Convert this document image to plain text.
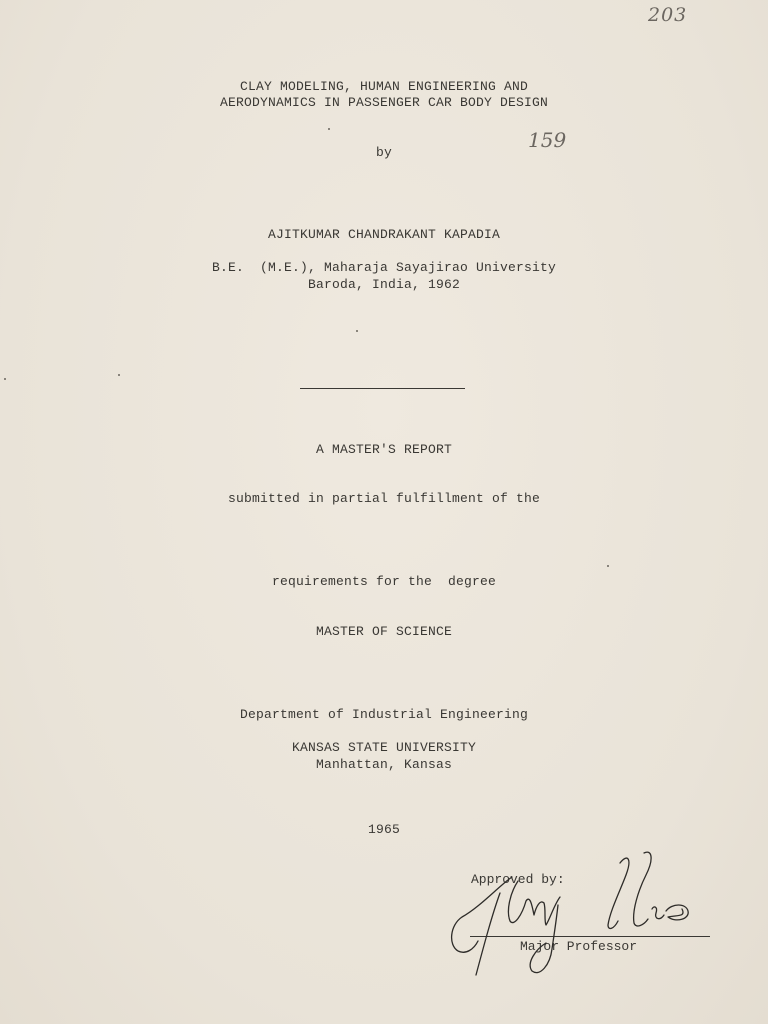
203
159
CLAY MODELING, HUMAN ENGINEERING AND
AERODYNAMICS IN PASSENGER CAR BODY DESIGN
by
AJITKUMAR CHANDRAKANT KAPADIA
B.E.  (M.E.), Maharaja Sayajirao University
Baroda, India, 1962
A MASTER'S REPORT
submitted in partial fulfillment of the
requirements for the  degree
MASTER OF SCIENCE
Department of Industrial Engineering
KANSAS STATE UNIVERSITY
Manhattan, Kansas
1965
Approved by:
Major Professor
